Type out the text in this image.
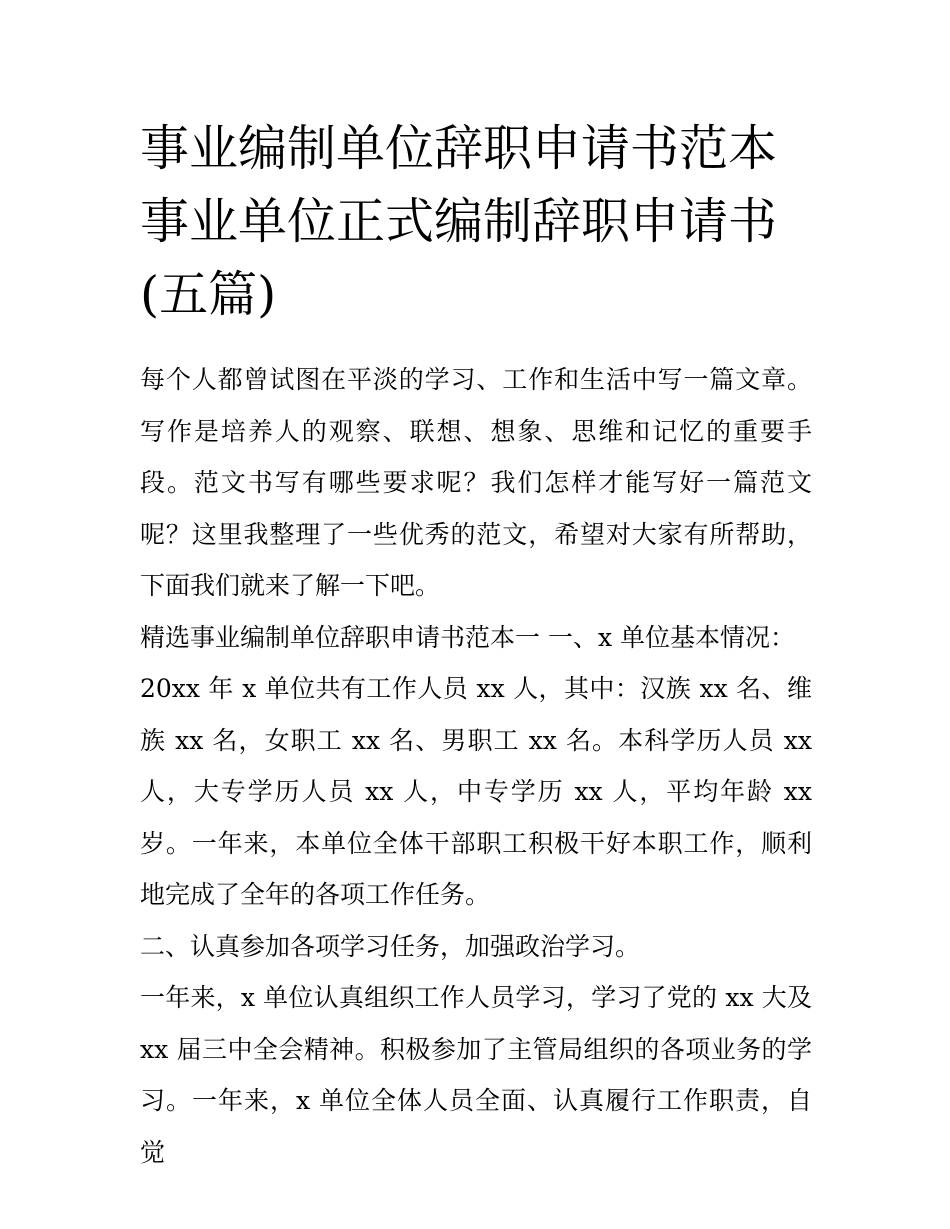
事业编制单位辞职申请书范本
事业单位正式编制辞职申请书
(五篇)

每个人都曾试图在平淡的学习、工作和生活中写一篇文章。写作是培养人的观察、联想、想象、思维和记忆的重要手段。范文书写有哪些要求呢？我们怎样才能写好一篇范文呢？这里我整理了一些优秀的范文，希望对大家有所帮助，下面我们就来了解一下吧。

精选事业编制单位辞职申请书范本一 一、x 单位基本情况：

20xx 年 x 单位共有工作人员 xx 人，其中：汉族 xx 名、维族 xx 名，女职工 xx 名、男职工 xx 名。本科学历人员 xx 人，大专学历人员 xx 人，中专学历 xx 人，平均年龄 xx 岁。一年来，本单位全体干部职工积极干好本职工作，顺利地完成了全年的各项工作任务。

二、认真参加各项学习任务，加强政治学习。

一年来，x 单位认真组织工作人员学习，学习了党的 xx 大及 xx 届三中全会精神。积极参加了主管局组织的各项业务的学习。一年来，x 单位全体人员全面、认真履行工作职责，自觉
